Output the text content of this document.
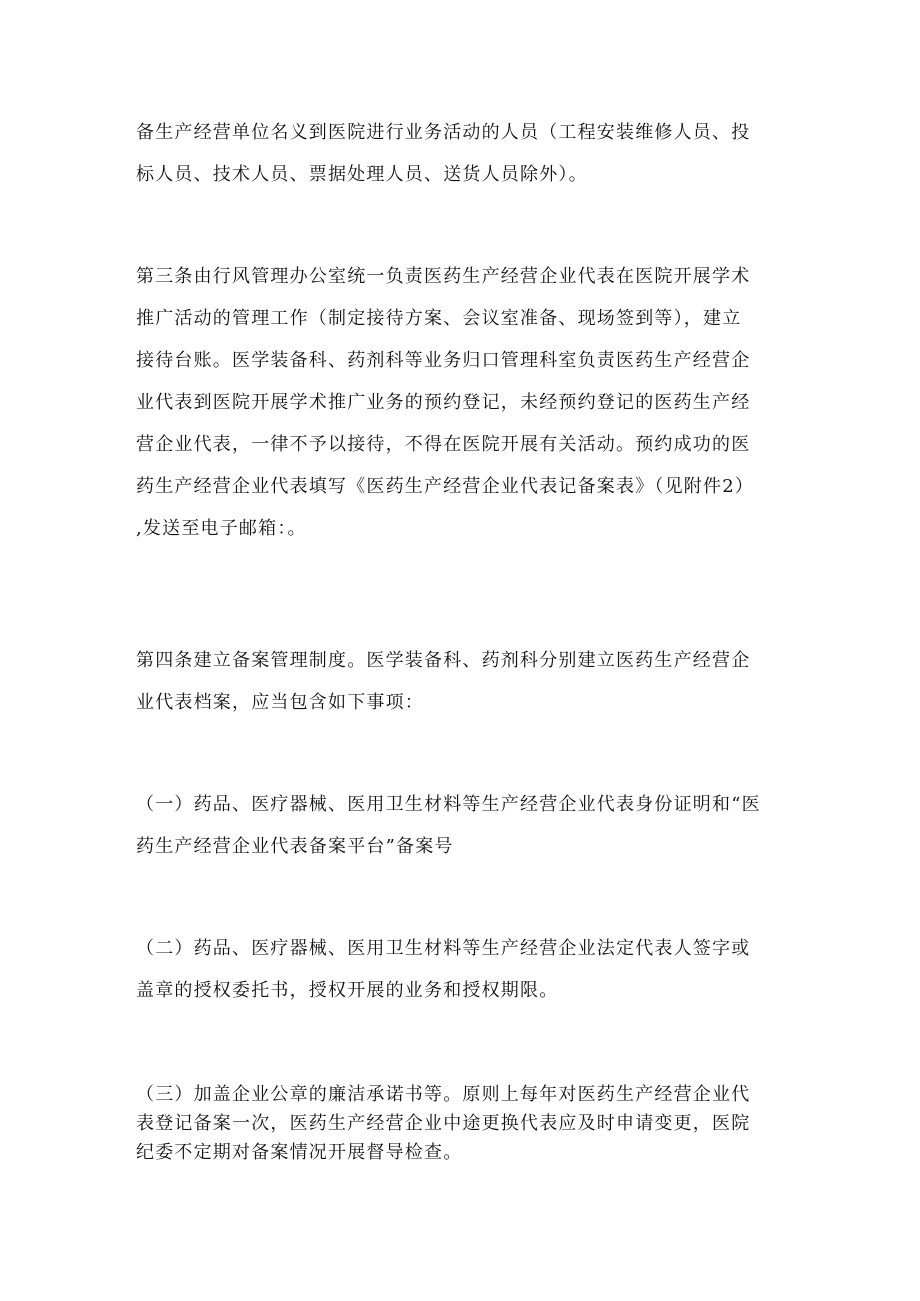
备生产经营单位名义到医院进行业务活动的人员（工程安装维修人员、投
标人员、技术人员、票据处理人员、送货人员除外）。

第三条由行风管理办公室统一负责医药生产经营企业代表在医院开展学术
推广活动的管理工作（制定接待方案、会议室准备、现场签到等），建立
接待台账。医学装备科、药剂科等业务归口管理科室负责医药生产经营企
业代表到医院开展学术推广业务的预约登记，未经预约登记的医药生产经
营企业代表，一律不予以接待，不得在医院开展有关活动。预约成功的医
药生产经营企业代表填写《医药生产经营企业代表记备案表》（见附件2）
,发送至电子邮箱：。

第四条建立备案管理制度。医学装备科、药剂科分别建立医药生产经营企
业代表档案，应当包含如下事项：

（一）药品、医疗器械、医用卫生材料等生产经营企业代表身份证明和“医
药生产经营企业代表备案平台”备案号

（二）药品、医疗器械、医用卫生材料等生产经营企业法定代表人签字或
盖章的授权委托书，授权开展的业务和授权期限。

（三）加盖企业公章的廉洁承诺书等。原则上每年对医药生产经营企业代
表登记备案一次，医药生产经营企业中途更换代表应及时申请变更，医院
纪委不定期对备案情况开展督导检查。
